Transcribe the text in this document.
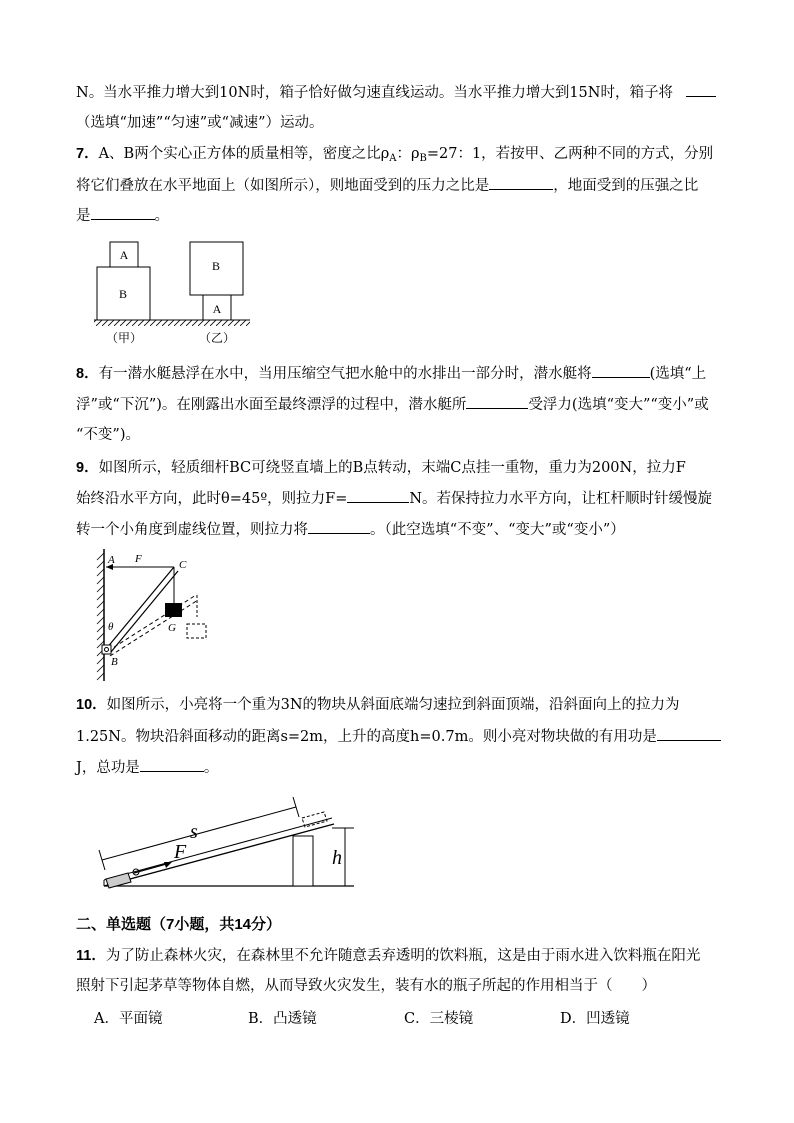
N。当水平推力增大到10N时，箱子恰好做匀速直线运动。当水平推力增大到15N时，箱子将
（选填“加速”“匀速”或“减速”）运动。
7．A、B两个实心正方体的质量相等，密度之比$\rho_A$：$\rho_B=27$：1，若按甲、乙两种不同的方式，分别
将它们叠放在水平地面上（如图所示），则地面受到的压力之比是	，地面受到的压强之比
是	。
A
B
（甲）
B
A
（乙）
8．有一潜水艇悬浮在水中，当用压缩空气把水舱中的水排出一部分时，潜水艇将	(选填“上
浮”或“下沉”)。在刚露出水面至最终漂浮的过程中，潜水艇所	受浮力(选填“变大”“变小”或
“不变”)。
9．如图所示，轻质细杆BC可绕竖直墙上的B点转动，末端C点挂一重物，重力为200N，拉力F
始终沿水平方向，此时θ=45º，则拉力F=	N。若保持拉力水平方向，让杠杆顺时针缓慢旋
转一个小角度到虚线位置，则拉力将	。（此空选填“不变”、“变大”或“变小”）
A F	C
G
θ
B
10．如图所示，小亮将一个重为3N的物块从斜面底端匀速拉到斜面顶端，沿斜面向上的拉力为
1.25N。物块沿斜面移动的距离s=2m，上升的高度h=0.7m。则小亮对物块做的有用功是
J，总功是	。
s
F	h
二、单选题（7小题，共14分）
11．为了防止森林火灾，在森林里不允许随意丢弃透明的饮料瓶，这是由于雨水进入饮料瓶在阳光
照射下引起茅草等物体自燃，从而导致火灾发生，装有水的瓶子所起的作用相当于（　　）
A．平面镜	B．凸透镜	C．三棱镜	D．凹透镜
